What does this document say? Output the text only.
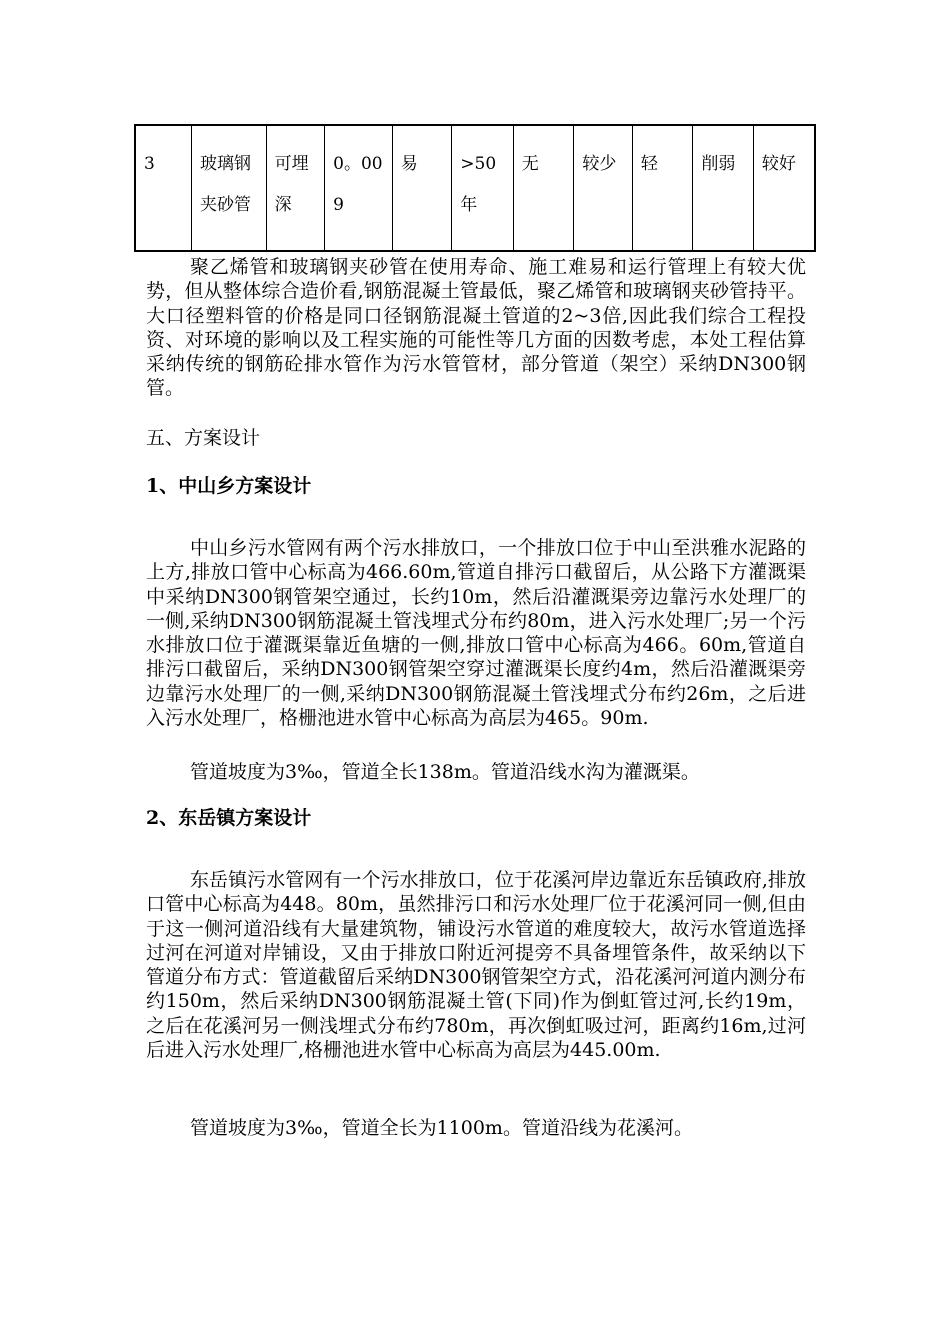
3	玻璃钢夹砂管	可埋深	0。009	易	>50年	无	较少	轻	削弱	较好

聚乙烯管和玻璃钢夹砂管在使用寿命、施工难易和运行管理上有较大优势，但从整体综合造价看,钢筋混凝土管最低，聚乙烯管和玻璃钢夹砂管持平。大口径塑料管的价格是同口径钢筋混凝土管道的2~3倍,因此我们综合工程投资、对环境的影响以及工程实施的可能性等几方面的因数考虑，本处工程估算采纳传统的钢筋砼排水管作为污水管管材，部分管道（架空）采纳DN300钢管。

五、方案设计

1、中山乡方案设计

中山乡污水管网有两个污水排放口，一个排放口位于中山至洪雅水泥路的上方,排放口管中心标高为466.60m,管道自排污口截留后，从公路下方灌溉渠中采纳DN300钢管架空通过，长约10m，然后沿灌溉渠旁边靠污水处理厂的一侧,采纳DN300钢筋混凝土管浅埋式分布约80m，进入污水处理厂;另一个污水排放口位于灌溉渠靠近鱼塘的一侧,排放口管中心标高为466。60m,管道自排污口截留后，采纳DN300钢管架空穿过灌溉渠长度约4m，然后沿灌溉渠旁边靠污水处理厂的一侧,采纳DN300钢筋混凝土管浅埋式分布约26m，之后进入污水处理厂，格栅池进水管中心标高为高层为465。90m.

管道坡度为3‰，管道全长138m。管道沿线水沟为灌溉渠。

2、东岳镇方案设计

东岳镇污水管网有一个污水排放口，位于花溪河岸边靠近东岳镇政府,排放口管中心标高为448。80m，虽然排污口和污水处理厂位于花溪河同一侧,但由于这一侧河道沿线有大量建筑物，铺设污水管道的难度较大，故污水管道选择过河在河道对岸铺设，又由于排放口附近河提旁不具备埋管条件，故采纳以下管道分布方式：管道截留后采纳DN300钢管架空方式，沿花溪河河道内测分布约150m，然后采纳DN300钢筋混凝土管(下同)作为倒虹管过河,长约19m，之后在花溪河另一侧浅埋式分布约780m，再次倒虹吸过河，距离约16m,过河后进入污水处理厂,格栅池进水管中心标高为高层为445.00m.

管道坡度为3‰，管道全长为1100m。管道沿线为花溪河。
